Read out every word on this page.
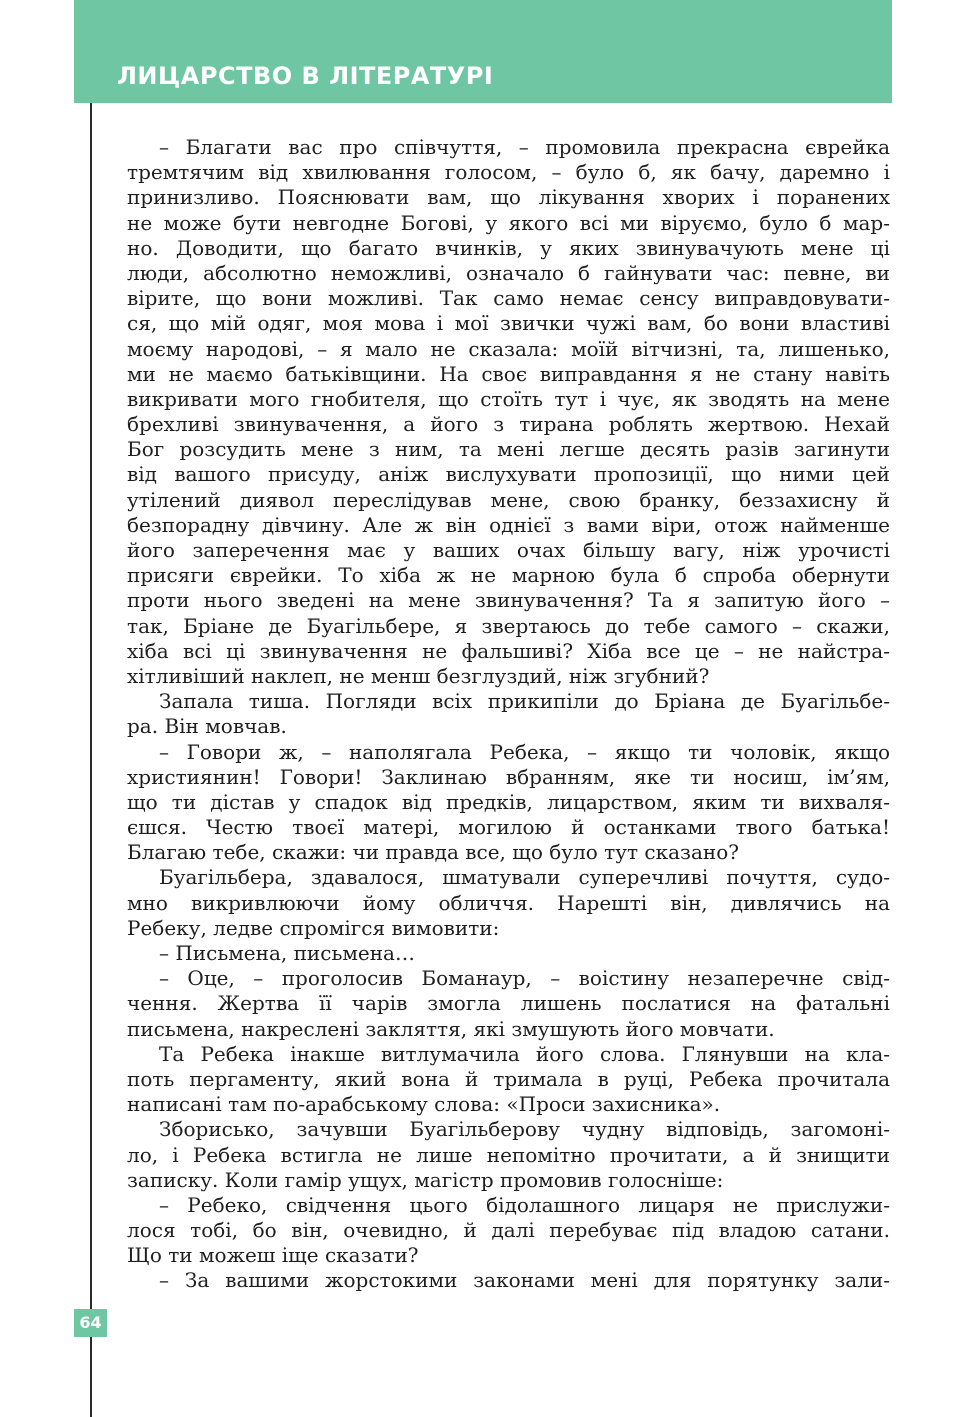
ЛИЦАРСТВО В ЛІТЕРАТУРІ
64
– Благати вас про співчуття, – промовила прекрасна єврейка
тремтячим від хвилювання голосом, – було б, як бачу, даремно і
принизливо. Пояснювати вам, що лікування хворих і поранених
не може бути невгодне Богові, у якого всі ми віруємо, було б мар-
но. Доводити, що багато вчинків, у яких звинувачують мене ці
люди, абсолютно неможливі, означало б гайнувати час: певне, ви
вірите, що вони можливі. Так само немає сенсу виправдовувати-
ся, що мій одяг, моя мова і мої звички чужі вам, бо вони властиві
моєму народові, – я мало не сказала: моїй вітчизні, та, лишенько,
ми не маємо батьківщини. На своє виправдання я не стану навіть
викривати мого гнобителя, що стоїть тут і чує, як зводять на мене
брехливі звинувачення, а його з тирана роблять жертвою. Нехай
Бог розсудить мене з ним, та мені легше десять разів загинути
від вашого присуду, аніж вислухувати пропозиції, що ними цей
утілений диявол переслідував мене, свою бранку, беззахисну й
безпорадну дівчину. Але ж він однієї з вами віри, отож найменше
його заперечення має у ваших очах більшу вагу, ніж урочисті
присяги єврейки. То хіба ж не марною була б спроба обернути
проти нього зведені на мене звинувачення? Та я запитую його –
так, Бріане де Буагільбере, я звертаюсь до тебе самого – скажи,
хіба всі ці звинувачення не фальшиві? Хіба все це – не найстра-
хітливіший наклеп, не менш безглуздий, ніж згубний?
Запала тиша. Погляди всіх прикипіли до Бріана де Буагільбе-
ра. Він мовчав.
– Говори ж, – наполягала Ребека, – якщо ти чоловік, якщо
християнин! Говори! Заклинаю вбранням, яке ти носиш, ім’ям,
що ти дістав у спадок від предків, лицарством, яким ти вихваля-
єшся. Честю твоєї матері, могилою й останками твого батька!
Благаю тебе, скажи: чи правда все, що було тут сказано?
Буагільбера, здавалося, шматували суперечливі почуття, судо-
мно викривлюючи йому обличчя. Нарешті він, дивлячись на
Ребеку, ледве спромігся вимовити:
– Письмена, письмена…
– Оце, – проголосив Боманаур, – воістину незаперечне свід-
чення. Жертва її чарів змогла лишень послатися на фатальні
письмена, накреслені закляття, які змушують його мовчати.
Та Ребека інакше витлумачила його слова. Глянувши на кла-
поть пергаменту, який вона й тримала в руці, Ребека прочитала
написані там по-арабському слова: «Проси захисника».
Зборисько, зачувши Буагільберову чудну відповідь, загомоні-
ло, і Ребека встигла не лише непомітно прочитати, а й знищити
записку. Коли гамір ущух, магістр промовив голосніше:
– Ребеко, свідчення цього бідолашного лицаря не прислужи-
лося тобі, бо він, очевидно, й далі перебуває під владою сатани.
Що ти можеш іще сказати?
– За вашими жорстокими законами мені для порятунку зали-
